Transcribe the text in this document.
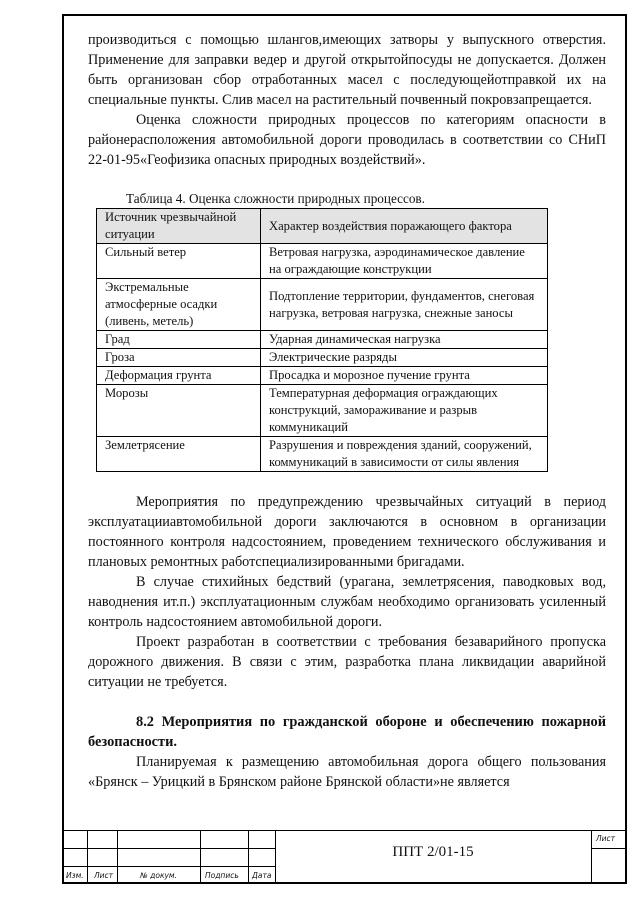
производиться с помощью шлангов,имеющих затворы у выпускного отверстия. Применение для заправки ведер и другой открытойпосуды не допускается. Должен быть организован сбор отработанных масел с последующейотправкой их на специальные пункты. Слив масел на растительный почвенный покровзапрещается.

Оценка сложности природных процессов по категориям опасности в районерасположения автомобильной дороги проводилась в соответствии со СНиП 22-01-95«Геофизика опасных природных воздействий».

Таблица 4. Оценка сложности природных процессов.
Источник чрезвычайной ситуации	Характер воздействия поражающего фактора
Сильный ветер	Ветровая нагрузка, аэродинамическое давление на ограждающие конструкции
Экстремальные атмосферные осадки (ливень, метель)	Подтопление территории, фундаментов, снеговая нагрузка, ветровая нагрузка, снежные заносы
Град	Ударная динамическая нагрузка
Гроза	Электрические разряды
Деформация грунта	Просадка и морозное пучение грунта
Морозы	Температурная деформация ограждающих конструкций, замораживание и разрыв коммуникаций
Землетрясение	Разрушения и повреждения зданий, сооружений, коммуникаций в зависимости от силы явления

Мероприятия по предупреждению чрезвычайных ситуаций в период эксплуатацииавтомобильной дороги заключаются в основном в организации постоянного контроля надсостоянием, проведением технического обслуживания и плановых ремонтных работспециализированными бригадами.

В случае стихийных бедствий (урагана, землетрясения, паводковых вод, наводнения ит.п.) эксплуатационным службам необходимо организовать усиленный контроль надсостоянием автомобильной дороги.

Проект разработан в соответствии с требования безаварийного пропуска дорожного движения. В связи с этим, разработка плана ликвидации аварийной ситуации не требуется.

8.2 Мероприятия по гражданской обороне и обеспечению пожарной безопасности.

Планируемая к размещению автомобильная дорога общего пользования «Брянск – Урицкий в Брянском районе Брянской области»не является

Изм. Лист	№ докум.	Подпись Дата
Лист
ППТ 2/01-15
